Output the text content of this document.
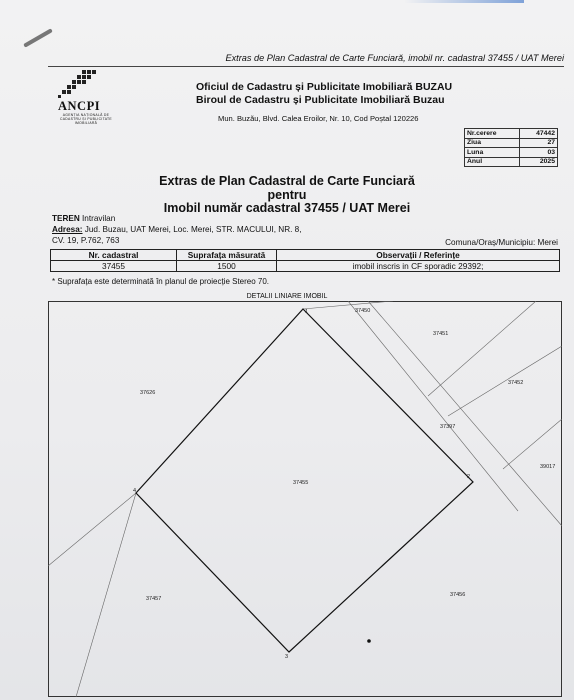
Extras de Plan Cadastral de Carte Funciară, imobil nr. cadastral 37455 / UAT Merei
ANCPI
AGENȚIA NAȚIONALĂ DE CADASTRU ȘI PUBLICITATE IMOBILIARĂ
Oficiul de Cadastru și Publicitate Imobiliară BUZAU
Biroul de Cadastru și Publicitate Imobiliară Buzau
Mun. Buzău, Blvd. Calea Eroilor, Nr. 10, Cod Poștal 120226
Nr.cerere	47442
Ziua	27
Luna	03
Anul	2025
Extras de Plan Cadastral de Carte Funciară
pentru
Imobil număr cadastral 37455 / UAT Merei
TEREN Intravilan
Adresa: Jud. Buzau, UAT Merei, Loc. Merei, STR. MACULUI, NR. 8,
CV. 19, P.762, 763	Comuna/Oraș/Municipiu: Merei
Nr. cadastral	Suprafața măsurată	Observații / Referințe
37455	1500	imobil inscris in CF sporadic 29392;
* Suprafața este determinată în planul de proiecție Stereo 70.
DETALII LINIARE IMOBIL
1
2
3
4
37455
37450
37451
37452
37397
39017
37626
37457
37456
